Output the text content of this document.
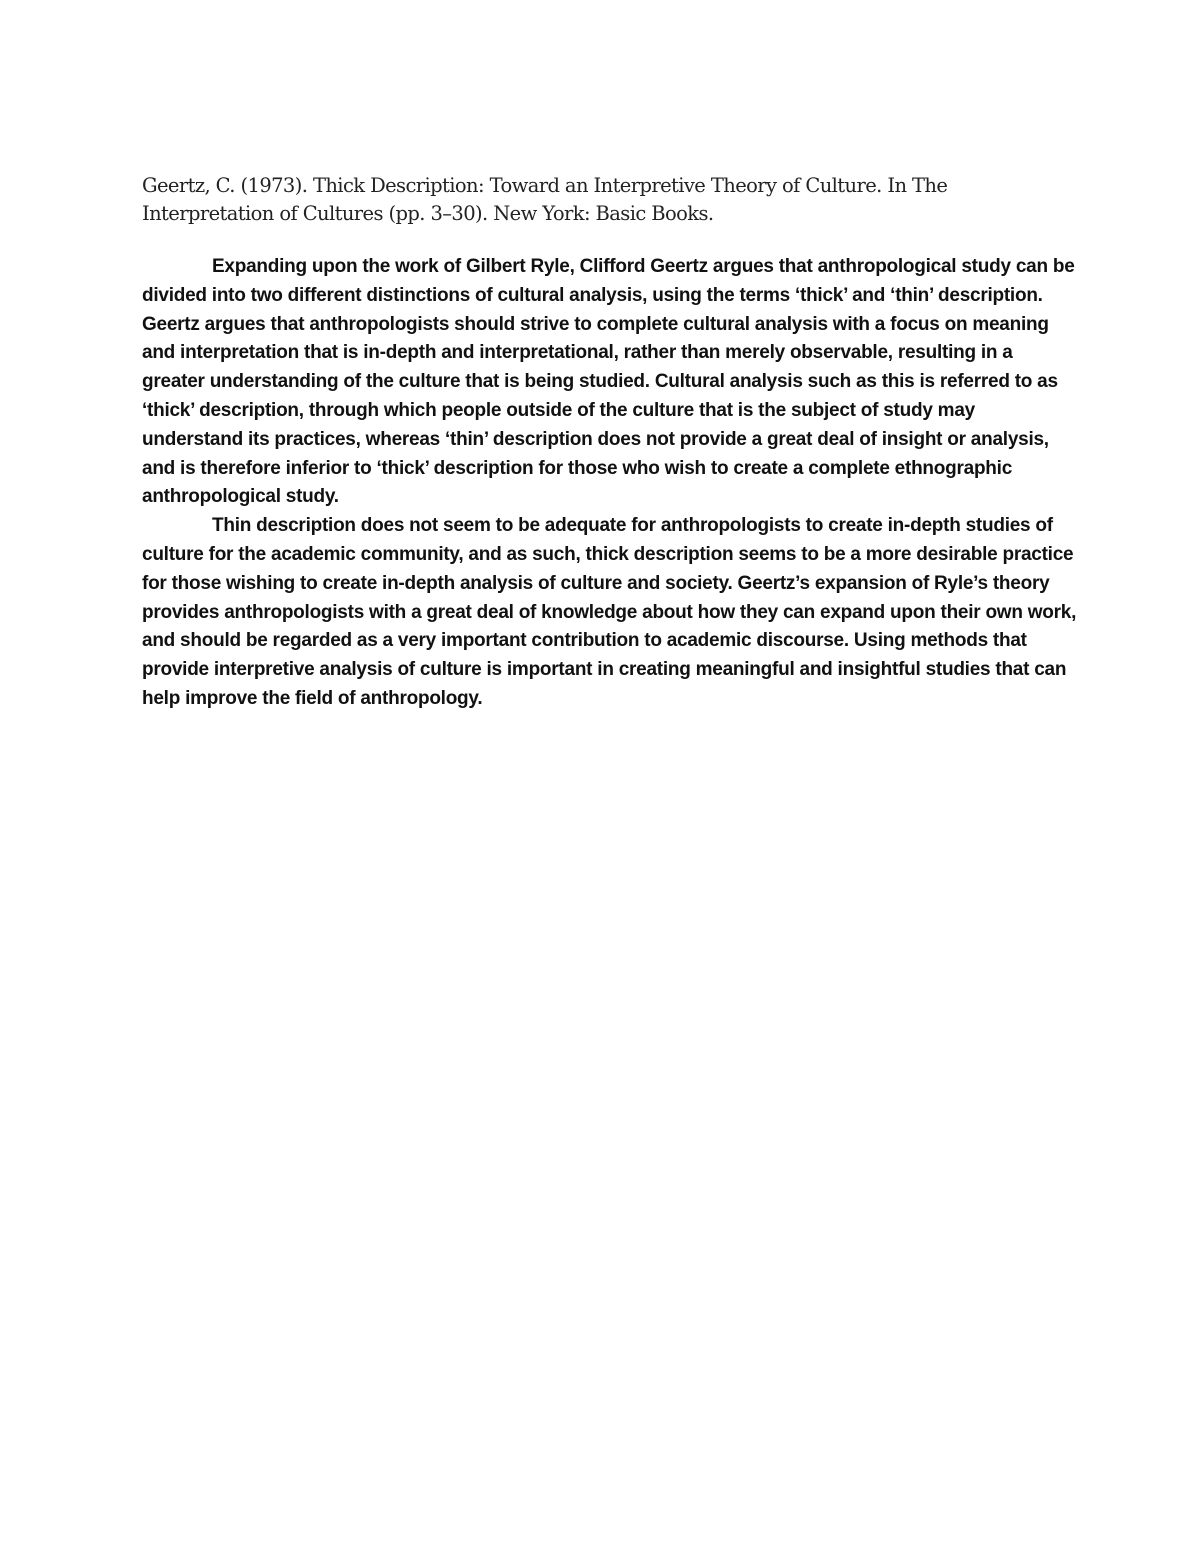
Geertz, C. (1973). Thick Description: Toward an Interpretive Theory of Culture. In The Interpretation of Cultures (pp. 3–30). New York: Basic Books.

Expanding upon the work of Gilbert Ryle, Clifford Geertz argues that anthropological study can be divided into two different distinctions of cultural analysis, using the terms ‘thick’ and ‘thin’ description. Geertz argues that anthropologists should strive to complete cultural analysis with a focus on meaning and interpretation that is in-depth and interpretational, rather than merely observable, resulting in a greater understanding of the culture that is being studied. Cultural analysis such as this is referred to as ‘thick’ description, through which people outside of the culture that is the subject of study may understand its practices, whereas ‘thin’ description does not provide a great deal of insight or analysis, and is therefore inferior to ‘thick’ description for those who wish to create a complete ethnographic anthropological study.

Thin description does not seem to be adequate for anthropologists to create in-depth studies of culture for the academic community, and as such, thick description seems to be a more desirable practice for those wishing to create in-depth analysis of culture and society. Geertz’s expansion of Ryle’s theory provides anthropologists with a great deal of knowledge about how they can expand upon their own work, and should be regarded as a very important contribution to academic discourse. Using methods that provide interpretive analysis of culture is important in creating meaningful and insightful studies that can help improve the field of anthropology.
